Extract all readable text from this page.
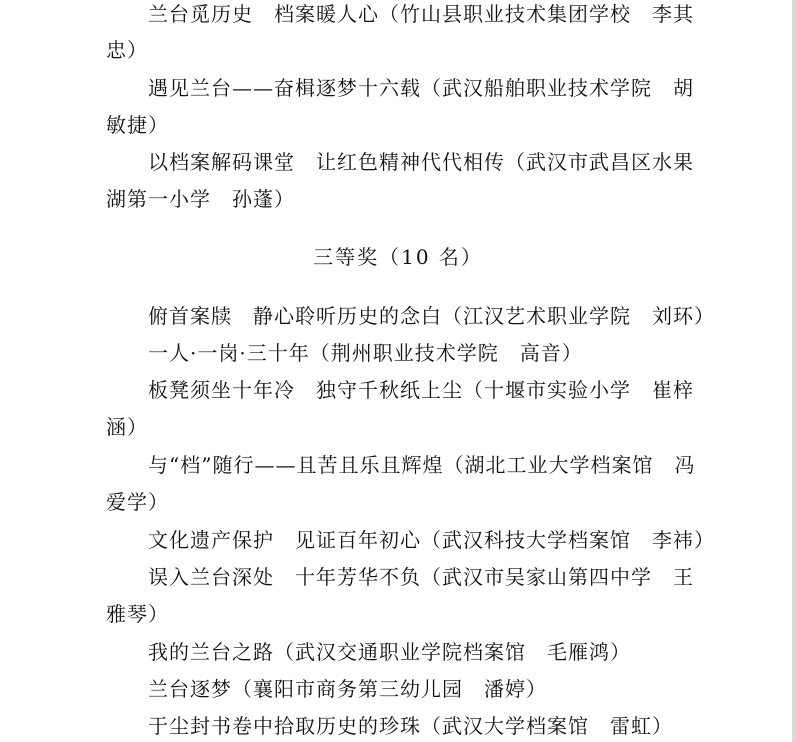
兰台觅历史　档案暖人心（竹山县职业技术集团学校　李其
忠）
遇见兰台——奋楫逐梦十六载（武汉船舶职业技术学院　胡
敏捷）
以档案解码课堂　让红色精神代代相传（武汉市武昌区水果
湖第一小学　孙蓬）
三等奖（10 名）
俯首案牍　静心聆听历史的念白（江汉艺术职业学院　刘环）
一人·一岗·三十年（荆州职业技术学院　高音）
板凳须坐十年冷　独守千秋纸上尘（十堰市实验小学　崔梓
涵）
与“档”随行——且苦且乐且辉煌（湖北工业大学档案馆　冯
爱学）
文化遗产保护　见证百年初心（武汉科技大学档案馆　李祎）
误入兰台深处　十年芳华不负（武汉市吴家山第四中学　王
雅琴）
我的兰台之路（武汉交通职业学院档案馆　毛雁鸿）
兰台逐梦（襄阳市商务第三幼儿园　潘婷）
于尘封书卷中拾取历史的珍珠（武汉大学档案馆　雷虹）
